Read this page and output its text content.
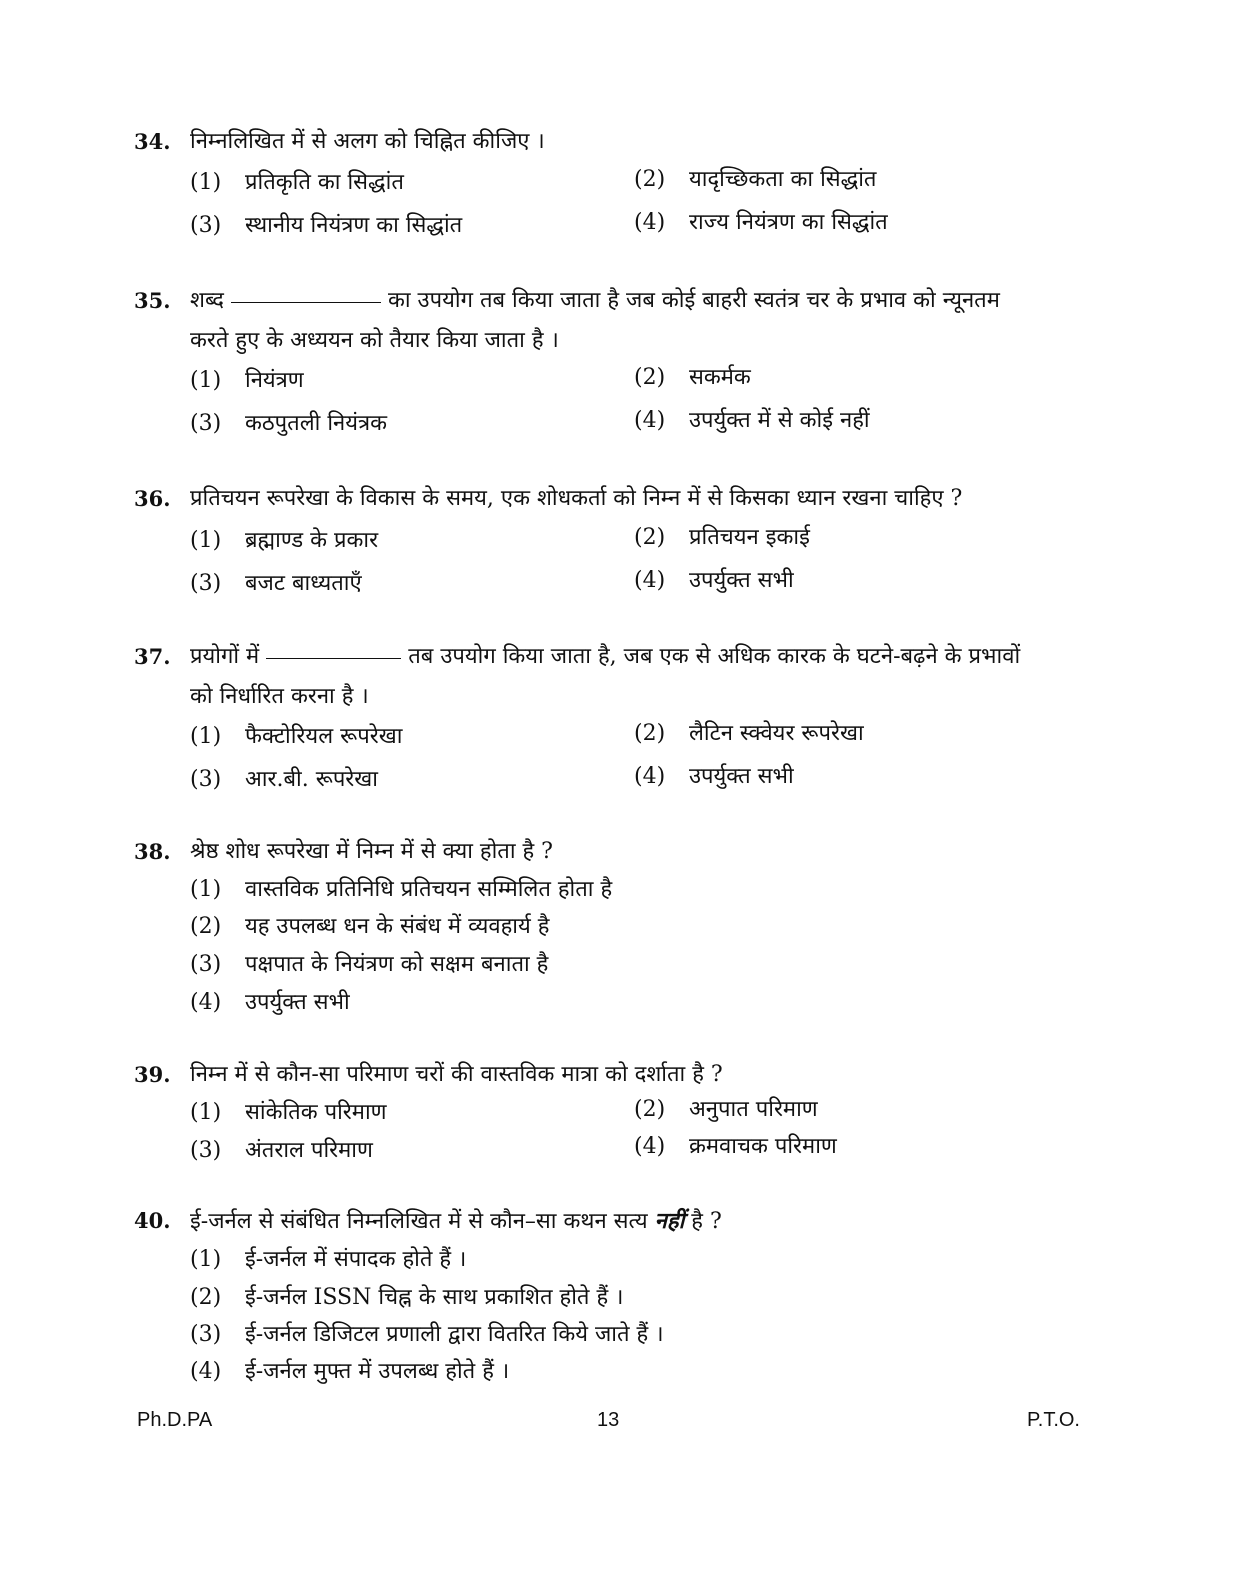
34. निम्नलिखित में से अलग को चिह्नित कीजिए ।
(1) प्रतिकृति का सिद्धांत	(2) यादृच्छिकता का सिद्धांत
(3) स्थानीय नियंत्रण का सिद्धांत	(4) राज्य नियंत्रण का सिद्धांत
35. शब्द	का उपयोग तब किया जाता है जब कोई बाहरी स्वतंत्र चर के प्रभाव को न्यूनतम करते हुए के अध्ययन को तैयार किया जाता है ।
(1) नियंत्रण	(2) सकर्मक
(3) कठपुतली नियंत्रक	(4) उपर्युक्त में से कोई नहीं
36. प्रतिचयन रूपरेखा के विकास के समय, एक शोधकर्ता को निम्न में से किसका ध्यान रखना चाहिए ?
(1) ब्रह्माण्ड के प्रकार	(2) प्रतिचयन इकाई
(3) बजट बाध्यताएँ	(4) उपर्युक्त सभी
37. प्रयोगों में	तब उपयोग किया जाता है, जब एक से अधिक कारक के घटने-बढ़ने के प्रभावों को निर्धारित करना है ।
(1) फैक्टोरियल रूपरेखा	(2) लैटिन स्क्वेयर रूपरेखा
(3) आर.बी. रूपरेखा	(4) उपर्युक्त सभी
38. श्रेष्ठ शोध रूपरेखा में निम्न में से क्या होता है ?
(1) वास्तविक प्रतिनिधि प्रतिचयन सम्मिलित होता है
(2) यह उपलब्ध धन के संबंध में व्यवहार्य है
(3) पक्षपात के नियंत्रण को सक्षम बनाता है
(4) उपर्युक्त सभी
39. निम्न में से कौन-सा परिमाण चरों की वास्तविक मात्रा को दर्शाता है ?
(1) सांकेतिक परिमाण	(2) अनुपात परिमाण
(3) अंतराल परिमाण	(4) क्रमवाचक परिमाण
40. ई-जर्नल से संबंधित निम्नलिखित में से कौन–सा कथन सत्य नहीं है ?
(1) ई-जर्नल में संपादक होते हैं ।
(2) ई-जर्नल ISSN चिह्न के साथ प्रकाशित होते हैं ।
(3) ई-जर्नल डिजिटल प्रणाली द्वारा वितरित किये जाते हैं ।
(4) ई-जर्नल मुफ्त में उपलब्ध होते हैं ।
Ph.D.PA	13	P.T.O.
